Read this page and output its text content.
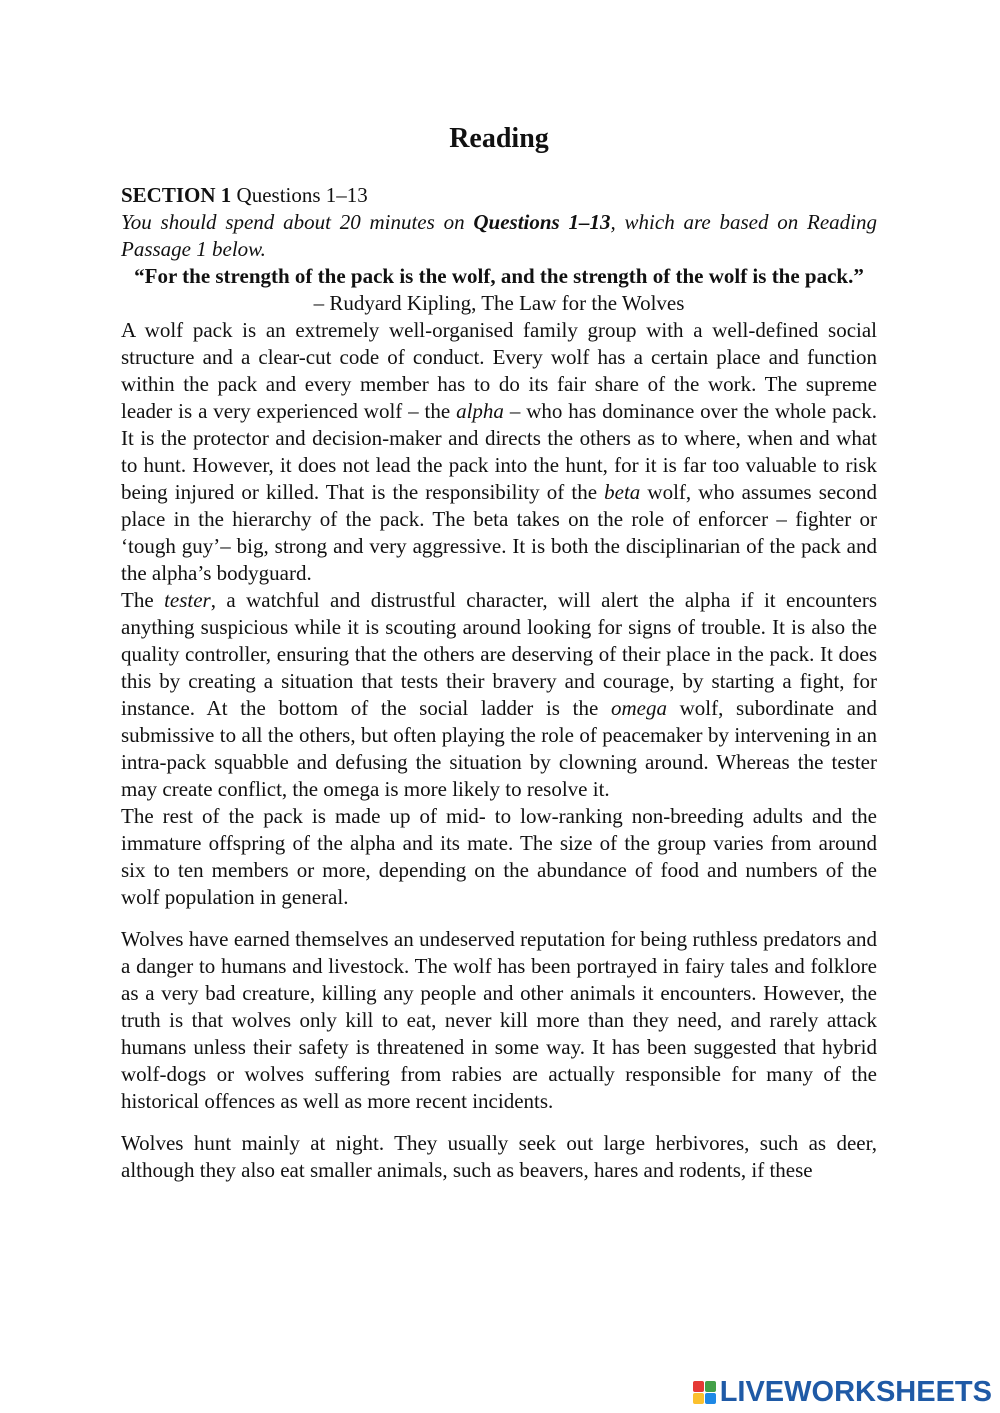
Reading

SECTION 1 Questions 1–13

You should spend about 20 minutes on Questions 1–13, which are based on Reading Passage 1 below.

“For the strength of the pack is the wolf, and the strength of the wolf is the pack.”

– Rudyard Kipling, The Law for the Wolves

A wolf pack is an extremely well-organised family group with a well-defined social structure and a clear-cut code of conduct. Every wolf has a certain place and function within the pack and every member has to do its fair share of the work. The supreme leader is a very experienced wolf – the alpha – who has dominance over the whole pack. It is the protector and decision-maker and directs the others as to where, when and what to hunt. However, it does not lead the pack into the hunt, for it is far too valuable to risk being injured or killed. That is the responsibility of the beta wolf, who assumes second place in the hierarchy of the pack. The beta takes on the role of enforcer – fighter or ‘tough guy’– big, strong and very aggressive. It is both the disciplinarian of the pack and the alpha’s bodyguard.

The tester, a watchful and distrustful character, will alert the alpha if it encounters anything suspicious while it is scouting around looking for signs of trouble. It is also the quality controller, ensuring that the others are deserving of their place in the pack. It does this by creating a situation that tests their bravery and courage, by starting a fight, for instance. At the bottom of the social ladder is the omega wolf, subordinate and submissive to all the others, but often playing the role of peacemaker by intervening in an intra-pack squabble and defusing the situation by clowning around. Whereas the tester may create conflict, the omega is more likely to resolve it.

The rest of the pack is made up of mid- to low-ranking non-breeding adults and the immature offspring of the alpha and its mate. The size of the group varies from around six to ten members or more, depending on the abundance of food and numbers of the wolf population in general.

Wolves have earned themselves an undeserved reputation for being ruthless predators and a danger to humans and livestock. The wolf has been portrayed in fairy tales and folklore as a very bad creature, killing any people and other animals it encounters. However, the truth is that wolves only kill to eat, never kill more than they need, and rarely attack humans unless their safety is threatened in some way. It has been suggested that hybrid wolf-dogs or wolves suffering from rabies are actually responsible for many of the historical offences as well as more recent incidents.

Wolves hunt mainly at night. They usually seek out large herbivores, such as deer, although they also eat smaller animals, such as beavers, hares and rodents, if these

LIVEWORKSHEETS
